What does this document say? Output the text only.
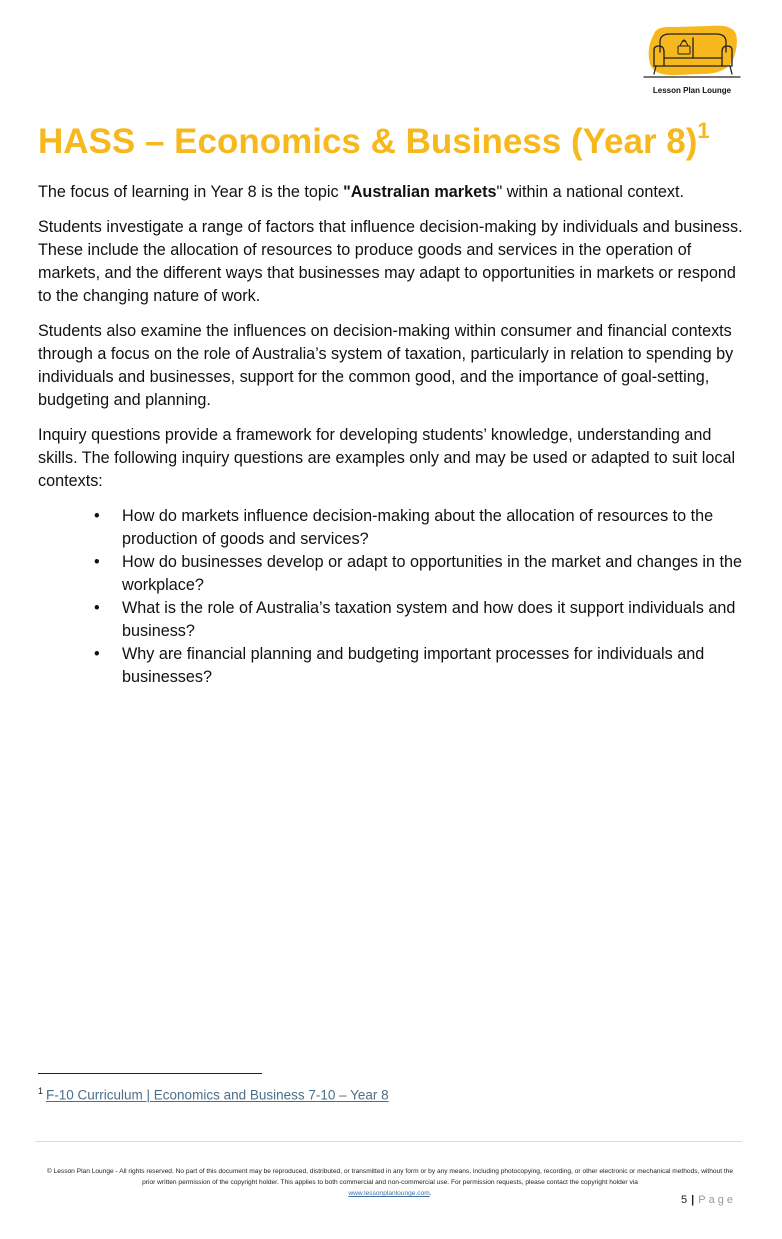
Lesson Plan Lounge
HASS – Economics & Business (Year 8)$^1$

The focus of learning in Year 8 is the topic "Australian markets" within a national context.

Students investigate a range of factors that influence decision-making by individuals and business. These include the allocation of resources to produce goods and services in the operation of markets, and the different ways that businesses may adapt to opportunities in markets or respond to the changing nature of work.

Students also examine the influences on decision-making within consumer and financial contexts through a focus on the role of Australia’s system of taxation, particularly in relation to spending by individuals and businesses, support for the common good, and the importance of goal-setting, budgeting and planning.

Inquiry questions provide a framework for developing students’ knowledge, understanding and skills. The following inquiry questions are examples only and may be used or adapted to suit local contexts:

• How do markets influence decision-making about the allocation of resources to the production of goods and services?
• How do businesses develop or adapt to opportunities in the market and changes in the workplace?
• What is the role of Australia’s taxation system and how does it support individuals and business?
• Why are financial planning and budgeting important processes for individuals and businesses?
$^1$ F-10 Curriculum | Economics and Business 7-10 – Year 8
© Lesson Plan Lounge - All rights reserved. No part of this document may be reproduced, distributed, or transmitted in any form or by any means, including photocopying, recording, or other electronic or mechanical methods, without the prior written permission of the copyright holder. This applies to both commercial and non-commercial use. For permission requests, please contact the copyright holder via
www.lessonplanlounge.com.
5 | Page
